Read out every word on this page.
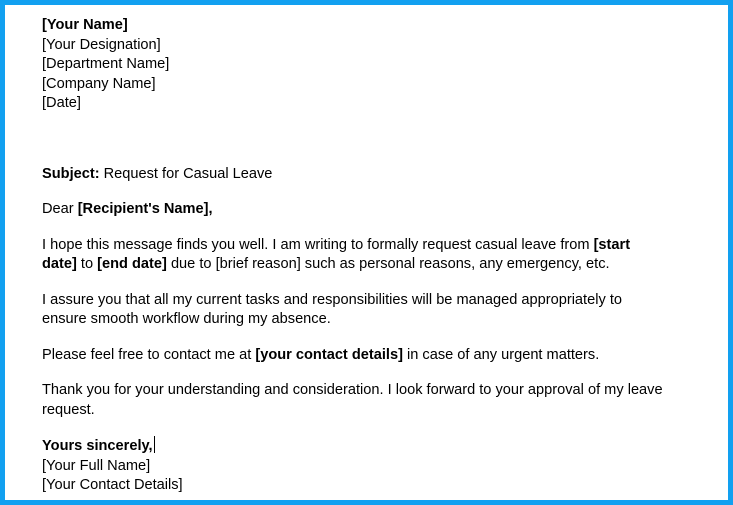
[Your Name]
[Your Designation]
[Department Name]
[Company Name]
[Date]
Subject: Request for Casual Leave
Dear [Recipient's Name],

I hope this message finds you well. I am writing to formally request casual leave from [start date] to [end date] due to [brief reason] such as personal reasons, any emergency, etc.

I assure you that all my current tasks and responsibilities will be managed appropriately to ensure smooth workflow during my absence.

Please feel free to contact me at [your contact details] in case of any urgent matters.

Thank you for your understanding and consideration. I look forward to your approval of my leave request.

Yours sincerely,
[Your Full Name]
[Your Contact Details]
